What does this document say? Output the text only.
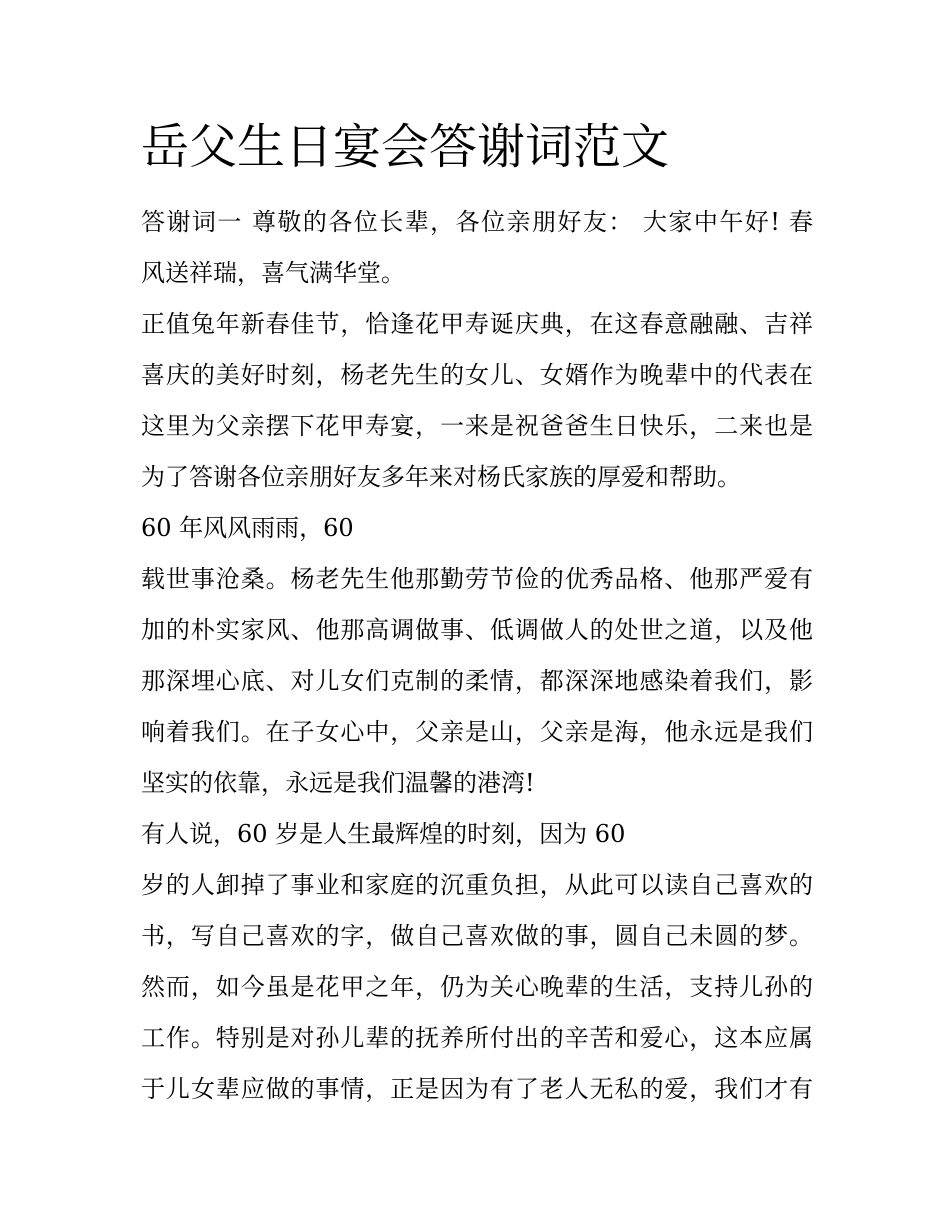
岳父生日宴会答谢词范文
答谢词一 尊敬的各位长辈，各位亲朋好友： 大家中午好! 春
风送祥瑞，喜气满华堂。
正值兔年新春佳节，恰逢花甲寿诞庆典，在这春意融融、吉祥
喜庆的美好时刻，杨老先生的女儿、女婿作为晚辈中的代表在
这里为父亲摆下花甲寿宴，一来是祝爸爸生日快乐，二来也是
为了答谢各位亲朋好友多年来对杨氏家族的厚爱和帮助。
60 年风风雨雨，60
载世事沧桑。杨老先生他那勤劳节俭的优秀品格、他那严爱有
加的朴实家风、他那高调做事、低调做人的处世之道，以及他
那深埋心底、对儿女们克制的柔情，都深深地感染着我们，影
响着我们。在子女心中，父亲是山，父亲是海，他永远是我们
坚实的依靠，永远是我们温馨的港湾!
有人说，60 岁是人生最辉煌的时刻，因为 60
岁的人卸掉了事业和家庭的沉重负担，从此可以读自己喜欢的
书，写自己喜欢的字，做自己喜欢做的事，圆自己未圆的梦。
然而，如今虽是花甲之年，仍为关心晚辈的生活，支持儿孙的
工作。特别是对孙儿辈的抚养所付出的辛苦和爱心，这本应属
于儿女辈应做的事情，正是因为有了老人无私的爱，我们才有
